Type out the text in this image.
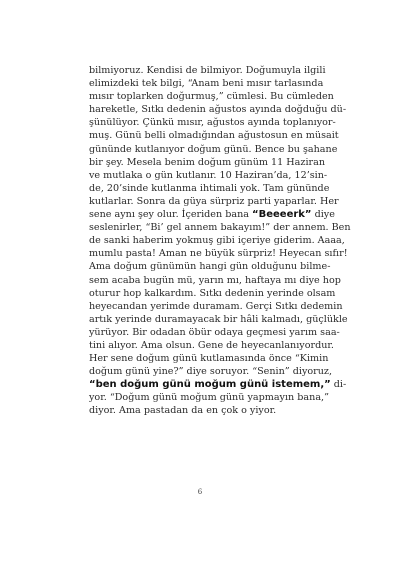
bilmiyoruz. Kendisi de bilmiyor. Doğumuyla ilgili
elimizdeki tek bilgi, “Anam beni mısır tarlasında
mısır toplarken doğurmuş,” cümlesi. Bu cümleden
hareketle, Sıtkı dedenin ağustos ayında doğduğu dü-
şünülüyor. Çünkü mısır, ağustos ayında toplanıyor-
muş. Günü belli olmadığından ağustosun en müsait
gününde kutlanıyor doğum günü. Bence bu şahane
bir şey. Mesela benim doğum günüm 11 Haziran
ve mutlaka o gün kutlanır. 10 Haziran’da, 12’sin-
de, 20’sinde kutlanma ihtimali yok. Tam gününde
kutlarlar. Sonra da güya sürpriz parti yaparlar. Her
sene aynı şey olur. İçeriden bana “Beeeerk” diye
seslenirler, “Bi’ gel annem bakayım!” der annem. Ben
de sanki haberim yokmuş gibi içeriye giderim. Aaaa,
mumlu pasta! Aman ne büyük sürpriz! Heyecan sıfır!
Ama doğum günümün hangi gün olduğunu bilme-
sem acaba bugün mü, yarın mı, haftaya mı diye hop
oturur hop kalkardım. Sıtkı dedenin yerinde olsam
heyecandan yerimde duramam. Gerçi Sıtkı dedemin
artık yerinde duramayacak bir hâli kalmadı, güçlükle
yürüyor. Bir odadan öbür odaya geçmesi yarım saa-
tini alıyor. Ama olsun. Gene de heyecanlanıyordur.
Her sene doğum günü kutlamasında önce “Kimin
doğum günü yine?” diye soruyor. “Senin” diyoruz,
“ben doğum günü moğum günü istemem,” di-
yor. “Doğum günü moğum günü yapmayın bana,”
diyor. Ama pastadan da en çok o yiyor.
6
